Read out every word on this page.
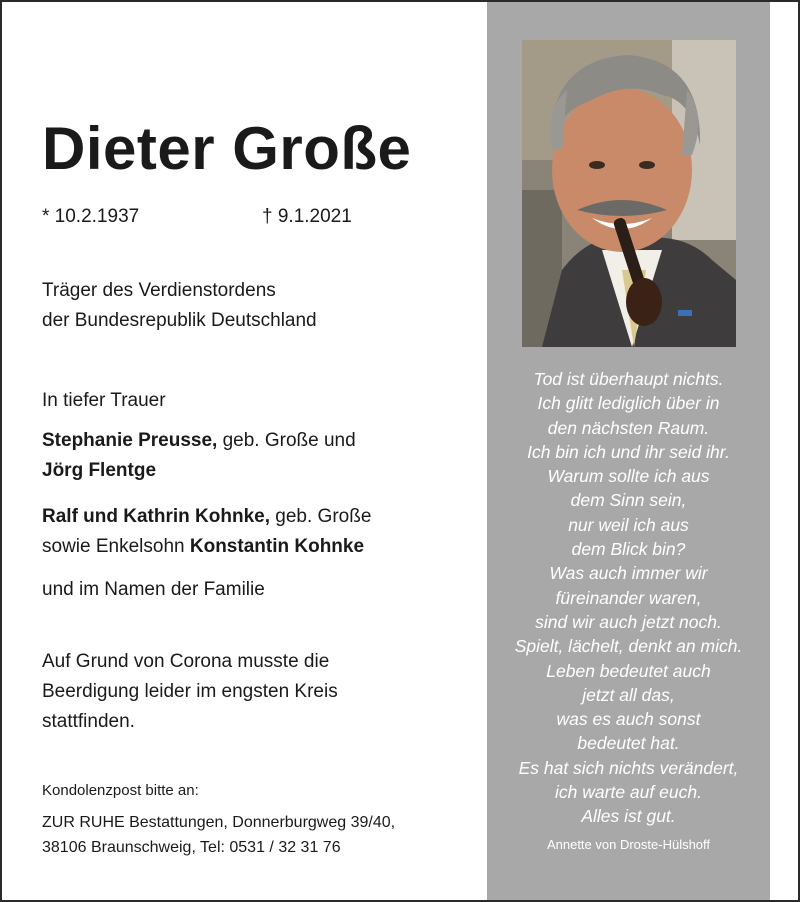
Dieter Große
* 10.2.1937	† 9.1.2021
Träger des Verdienstordens
der Bundesrepublik Deutschland
In tiefer Trauer
Stephanie Preusse, geb. Große und
Jörg Flentge
Ralf und Kathrin Kohnke, geb. Große
sowie Enkelsohn Konstantin Kohnke
und im Namen der Familie
Auf Grund von Corona musste die
Beerdigung leider im engsten Kreis
stattfinden.
Kondolenzpost bitte an:
ZUR RUHE Bestattungen, Donnerburgweg 39/40,
38106 Braunschweig, Tel: 0531 / 32 31 76
Tod ist überhaupt nichts.
Ich glitt lediglich über in
den nächsten Raum.
Ich bin ich und ihr seid ihr.
Warum sollte ich aus
dem Sinn sein,
nur weil ich aus
dem Blick bin?
Was auch immer wir
füreinander waren,
sind wir auch jetzt noch.
Spielt, lächelt, denkt an mich.
Leben bedeutet auch
jetzt all das,
was es auch sonst
bedeutet hat.
Es hat sich nichts verändert,
ich warte auf euch.
Alles ist gut.
Annette von Droste-Hülshoff
